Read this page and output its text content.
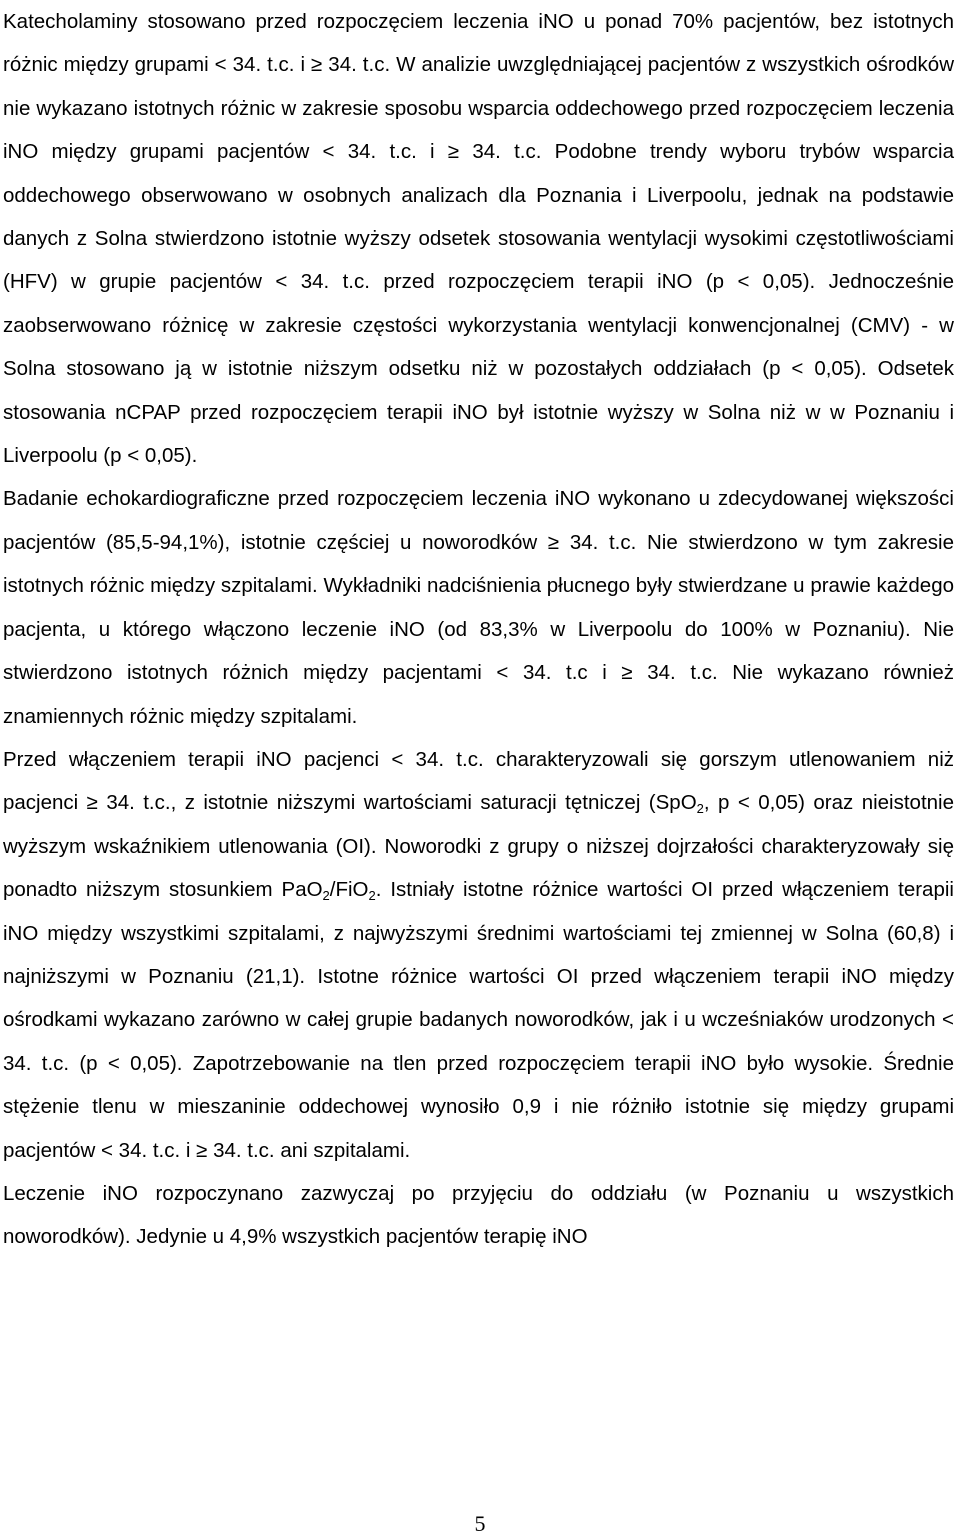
Katecholaminy stosowano przed rozpoczęciem leczenia iNO u ponad 70% pacjentów, bez istotnych różnic między grupami < 34. t.c. i ≥ 34. t.c. W analizie uwzględniającej pacjentów z wszystkich ośrodków nie wykazano istotnych różnic w zakresie sposobu wsparcia oddechowego przed rozpoczęciem leczenia iNO między grupami pacjentów < 34. t.c. i ≥ 34. t.c. Podobne trendy wyboru trybów wsparcia oddechowego obserwowano w osobnych analizach dla Poznania i Liverpoolu, jednak na podstawie danych z Solna stwierdzono istotnie wyższy odsetek stosowania wentylacji wysokimi częstotliwościami (HFV) w grupie pacjentów < 34. t.c. przed rozpoczęciem terapii iNO (p < 0,05). Jednocześnie zaobserwowano różnicę w zakresie częstości wykorzystania wentylacji konwencjonalnej (CMV) - w Solna stosowano ją w istotnie niższym odsetku niż w pozostałych oddziałach (p < 0,05). Odsetek stosowania nCPAP przed rozpoczęciem terapii iNO był istotnie wyższy w Solna niż w w Poznaniu i Liverpoolu (p < 0,05).

Badanie echokardiograficzne przed rozpoczęciem leczenia iNO wykonano u zdecydowanej większości pacjentów (85,5-94,1%), istotnie częściej u noworodków ≥ 34. t.c. Nie stwierdzono w tym zakresie istotnych różnic między szpitalami. Wykładniki nadciśnienia płucnego były stwierdzane u prawie każdego pacjenta, u którego włączono leczenie iNO (od 83,3% w Liverpoolu do 100% w Poznaniu). Nie stwierdzono istotnych różnich między pacjentami < 34. t.c i ≥ 34. t.c. Nie wykazano również znamiennych różnic między szpitalami.

Przed włączeniem terapii iNO pacjenci < 34. t.c. charakteryzowali się gorszym utlenowaniem niż pacjenci ≥ 34. t.c., z istotnie niższymi wartościami saturacji tętniczej (SpO$_2$, p < 0,05) oraz nieistotnie wyższym wskaźnikiem utlenowania (OI). Noworodki z grupy o niższej dojrzałości charakteryzowały się ponadto niższym stosunkiem PaO$_2$/FiO$_2$. Istniały istotne różnice wartości OI przed włączeniem terapii iNO między wszystkimi szpitalami, z najwyższymi średnimi wartościami tej zmiennej w Solna (60,8) i najniższymi w Poznaniu (21,1). Istotne różnice wartości OI przed włączeniem terapii iNO między ośrodkami wykazano zarówno w całej grupie badanych noworodków, jak i u wcześniaków urodzonych < 34. t.c. (p < 0,05). Zapotrzebowanie na tlen przed rozpoczęciem terapii iNO było wysokie. Średnie stężenie tlenu w mieszaninie oddechowej wynosiło 0,9 i nie różniło istotnie się między grupami pacjentów < 34. t.c. i ≥ 34. t.c. ani szpitalami.

Leczenie iNO rozpoczynano zazwyczaj po przyjęciu do oddziału (w Poznaniu u wszystkich noworodków). Jedynie u 4,9% wszystkich pacjentów terapię iNO

5
